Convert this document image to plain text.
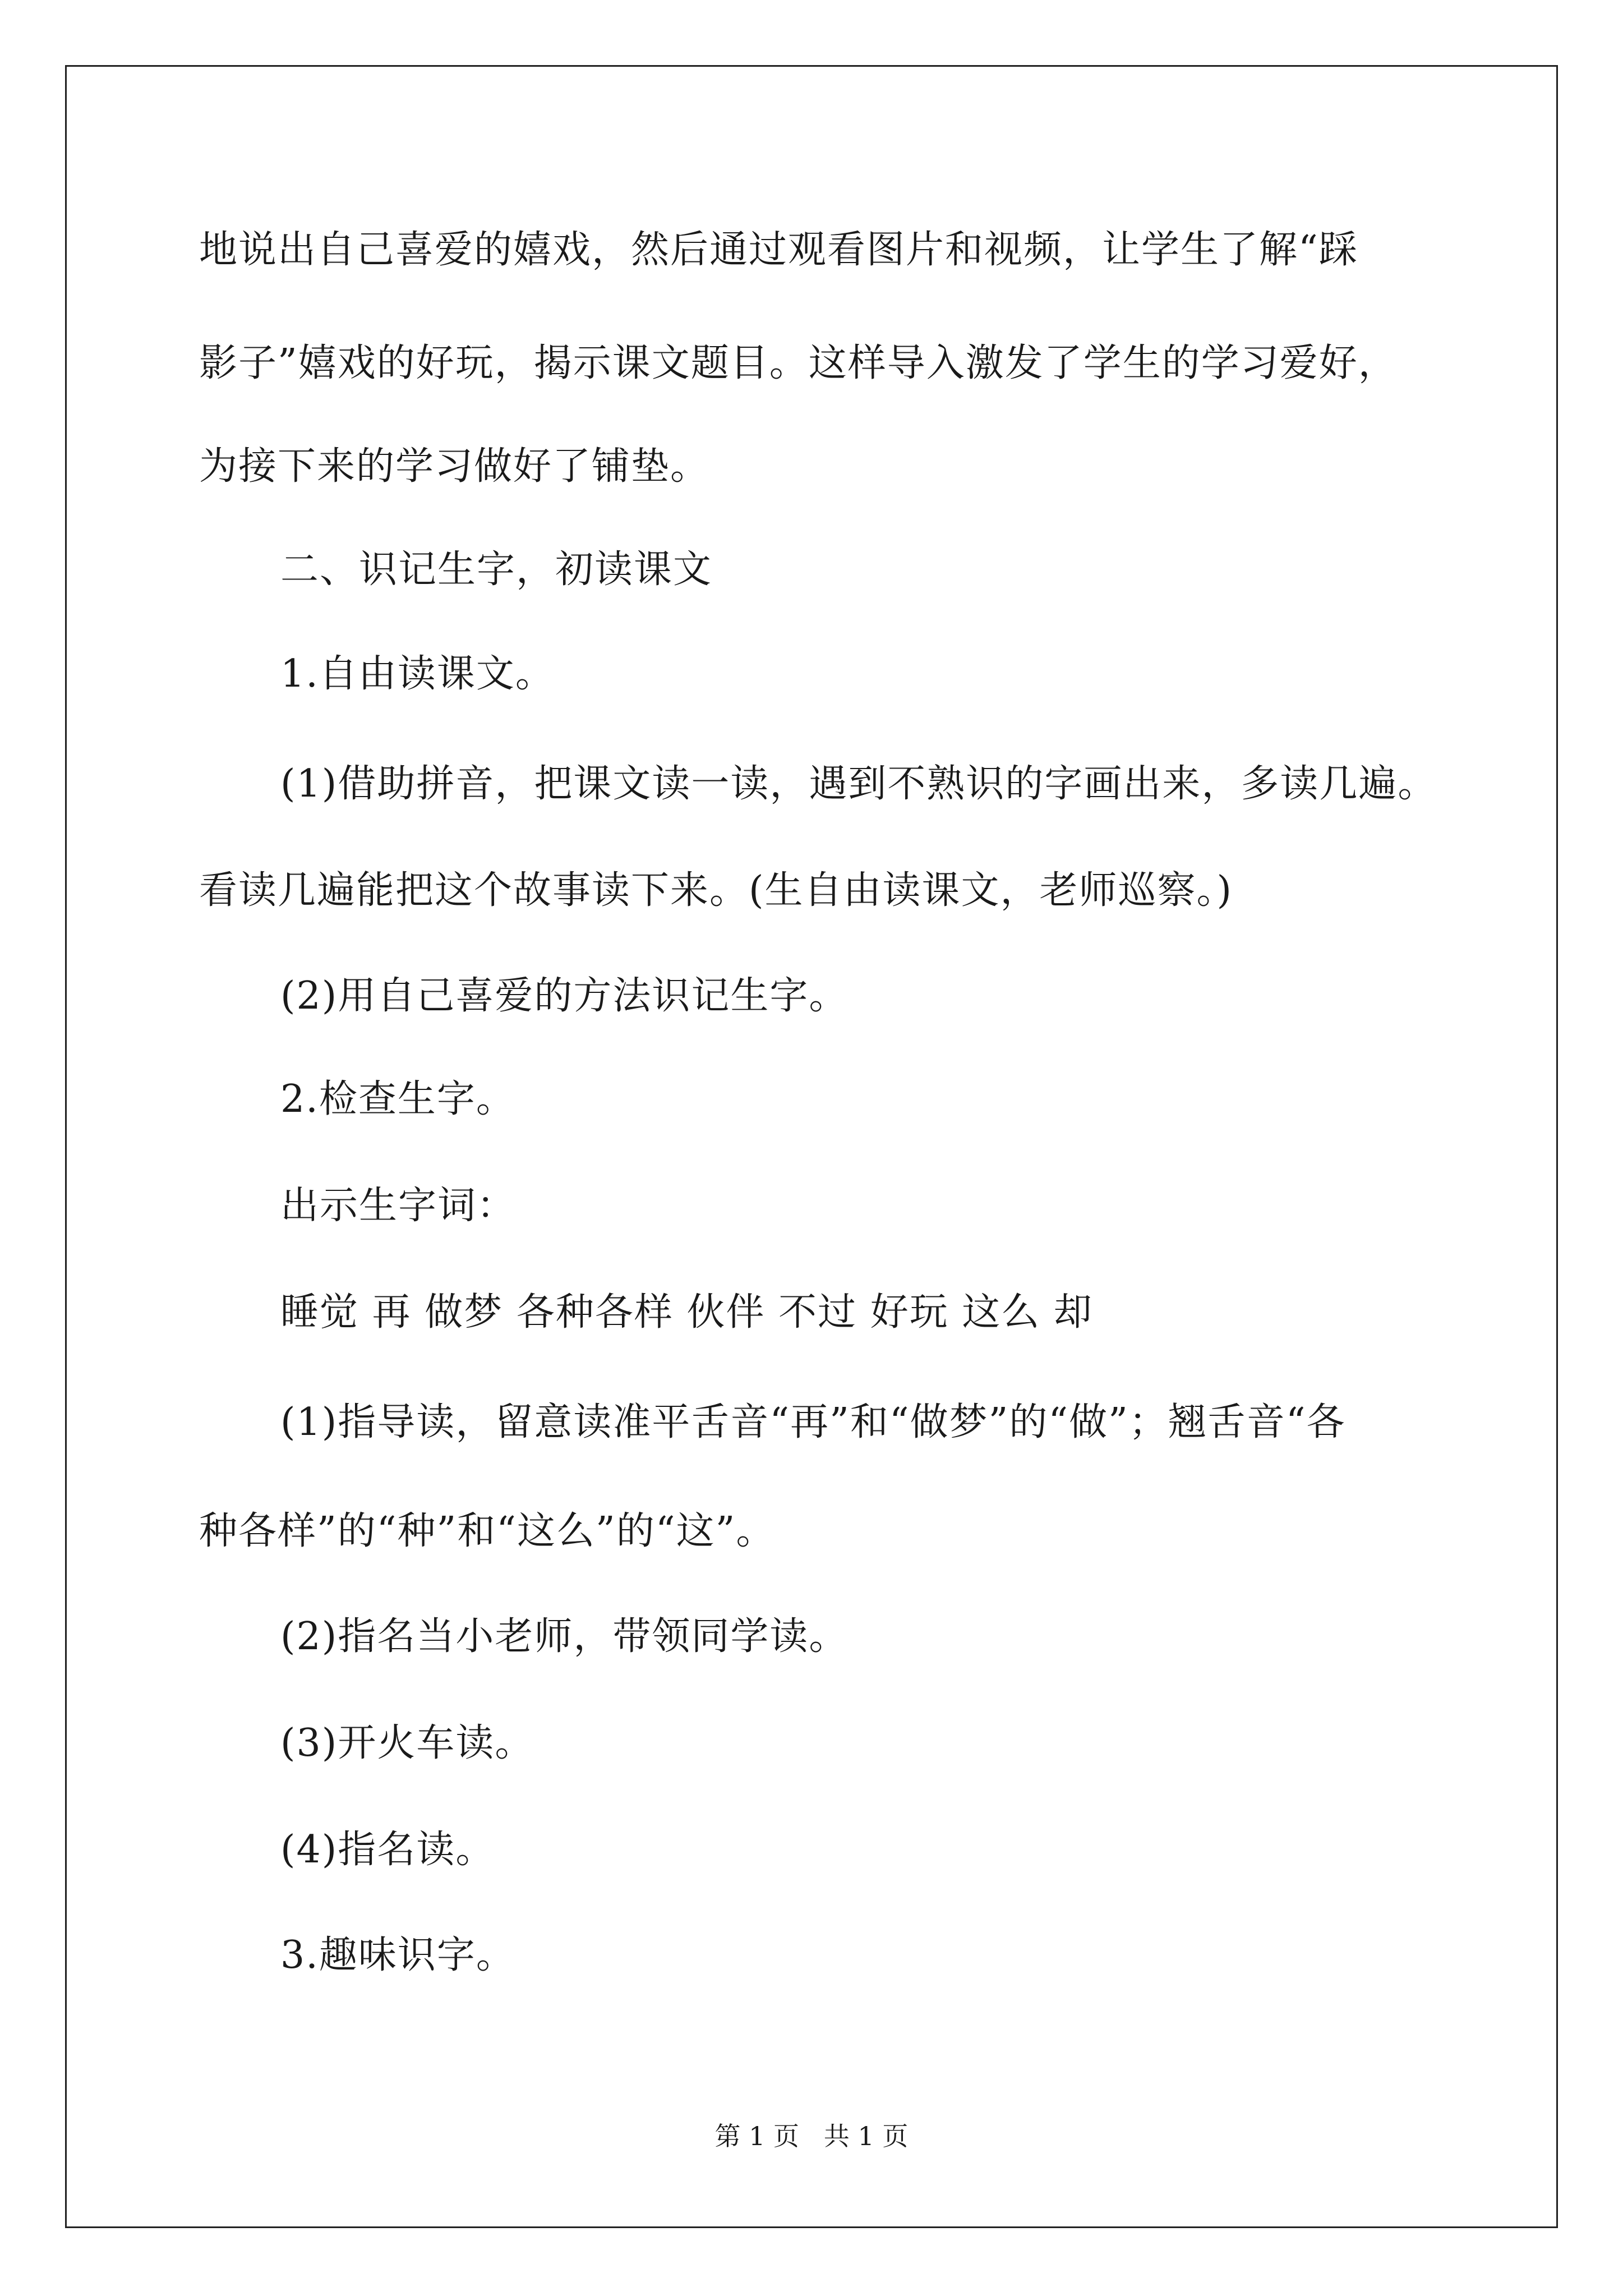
地说出自己喜爱的嬉戏，然后通过观看图片和视频，让学生了解“踩
影子”嬉戏的好玩，揭示课文题目。这样导入激发了学生的学习爱好，
为接下来的学习做好了铺垫。
二、识记生字，初读课文
1.自由读课文。
(1)借助拼音，把课文读一读，遇到不熟识的字画出来，多读几遍。
看读几遍能把这个故事读下来。(生自由读课文，老师巡察。)
(2)用自己喜爱的方法识记生字。
2.检查生字。
出示生字词：
睡觉 再 做梦 各种各样 伙伴 不过 好玩 这么 却
(1)指导读，留意读准平舌音“再”和“做梦”的“做”；翘舌音“各
种各样”的“种”和“这么”的“这”。
(2)指名当小老师，带领同学读。
(3)开火车读。
(4)指名读。
3.趣味识字。
第 1 页   共 1 页
